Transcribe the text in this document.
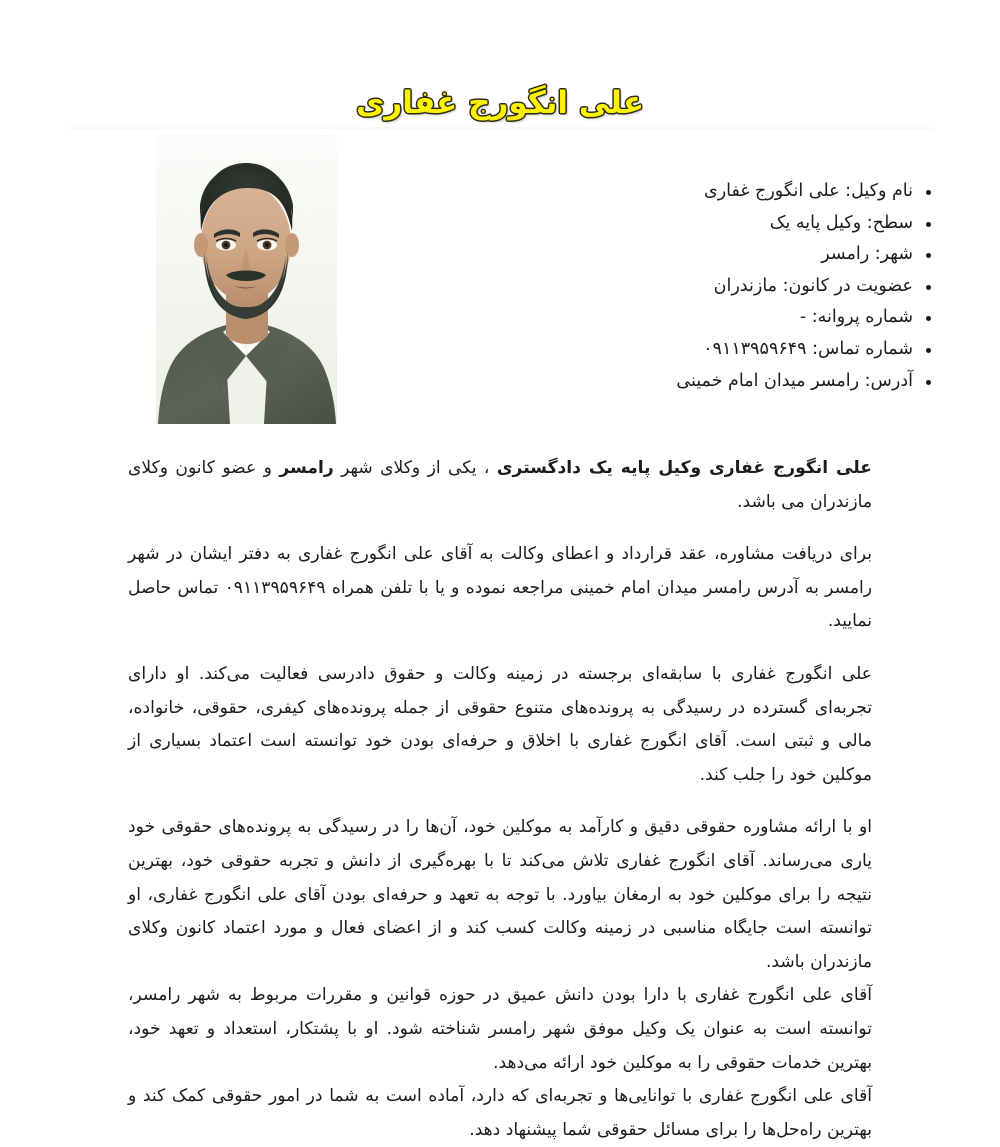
علی انگورج غفاری
نام وکیل: علی انگورج غفاری
سطح: وکیل پایه یک
شهر: رامسر
عضویت در کانون: مازندران
شماره پروانه: -
شماره تماس: ۰۹۱۱۳۹۵۹۶۴۹
آدرس: رامسر میدان امام خمینی

علی انگورج غفاری وکیل پایه یک دادگستری ، یکی از وکلای شهر رامسر و عضو کانون وکلای مازندران می باشد.

برای دریافت مشاوره، عقد قرارداد و اعطای وکالت به آقای علی انگورج غفاری به دفتر ایشان در شهر رامسر به آدرس رامسر میدان امام خمینی مراجعه نموده و یا با تلفن همراه ۰۹۱۱۳۹۵۹۶۴۹ تماس حاصل نمایید.

علی انگورج غفاری با سابقه‌ای برجسته در زمینه وکالت و حقوق دادرسی فعالیت می‌کند. او دارای تجربه‌ای گسترده در رسیدگی به پرونده‌های متنوع حقوقی از جمله پرونده‌های کیفری، حقوقی، خانواده، مالی و ثبتی است. آقای انگورج غفاری با اخلاق و حرفه‌ای بودن خود توانسته است اعتماد بسیاری از موکلین خود را جلب کند.

او با ارائه مشاوره حقوقی دقیق و کارآمد به موکلین خود، آن‌ها را در رسیدگی به پرونده‌های حقوقی خود یاری می‌رساند. آقای انگورج غفاری تلاش می‌کند تا با بهره‌گیری از دانش و تجربه حقوقی خود، بهترین نتیجه را برای موکلین خود به ارمغان بیاورد. با توجه به تعهد و حرفه‌ای بودن آقای علی انگورج غفاری، او توانسته است جایگاه مناسبی در زمینه وکالت کسب کند و از اعضای فعال و مورد اعتماد کانون وکلای مازندران باشد.

آقای علی انگورج غفاری با دارا بودن دانش عمیق در حوزه قوانین و مقررات مربوط به شهر رامسر، توانسته است به عنوان یک وکیل موفق شهر رامسر شناخته شود. او با پشتکار، استعداد و تعهد خود، بهترین خدمات حقوقی را به موکلین خود ارائه می‌دهد.

آقای علی انگورج غفاری با توانایی‌ها و تجربه‌ای که دارد، آماده است به شما در امور حقوقی کمک کند و بهترین راه‌حل‌ها را برای مسائل حقوقی شما پیشنهاد دهد.
